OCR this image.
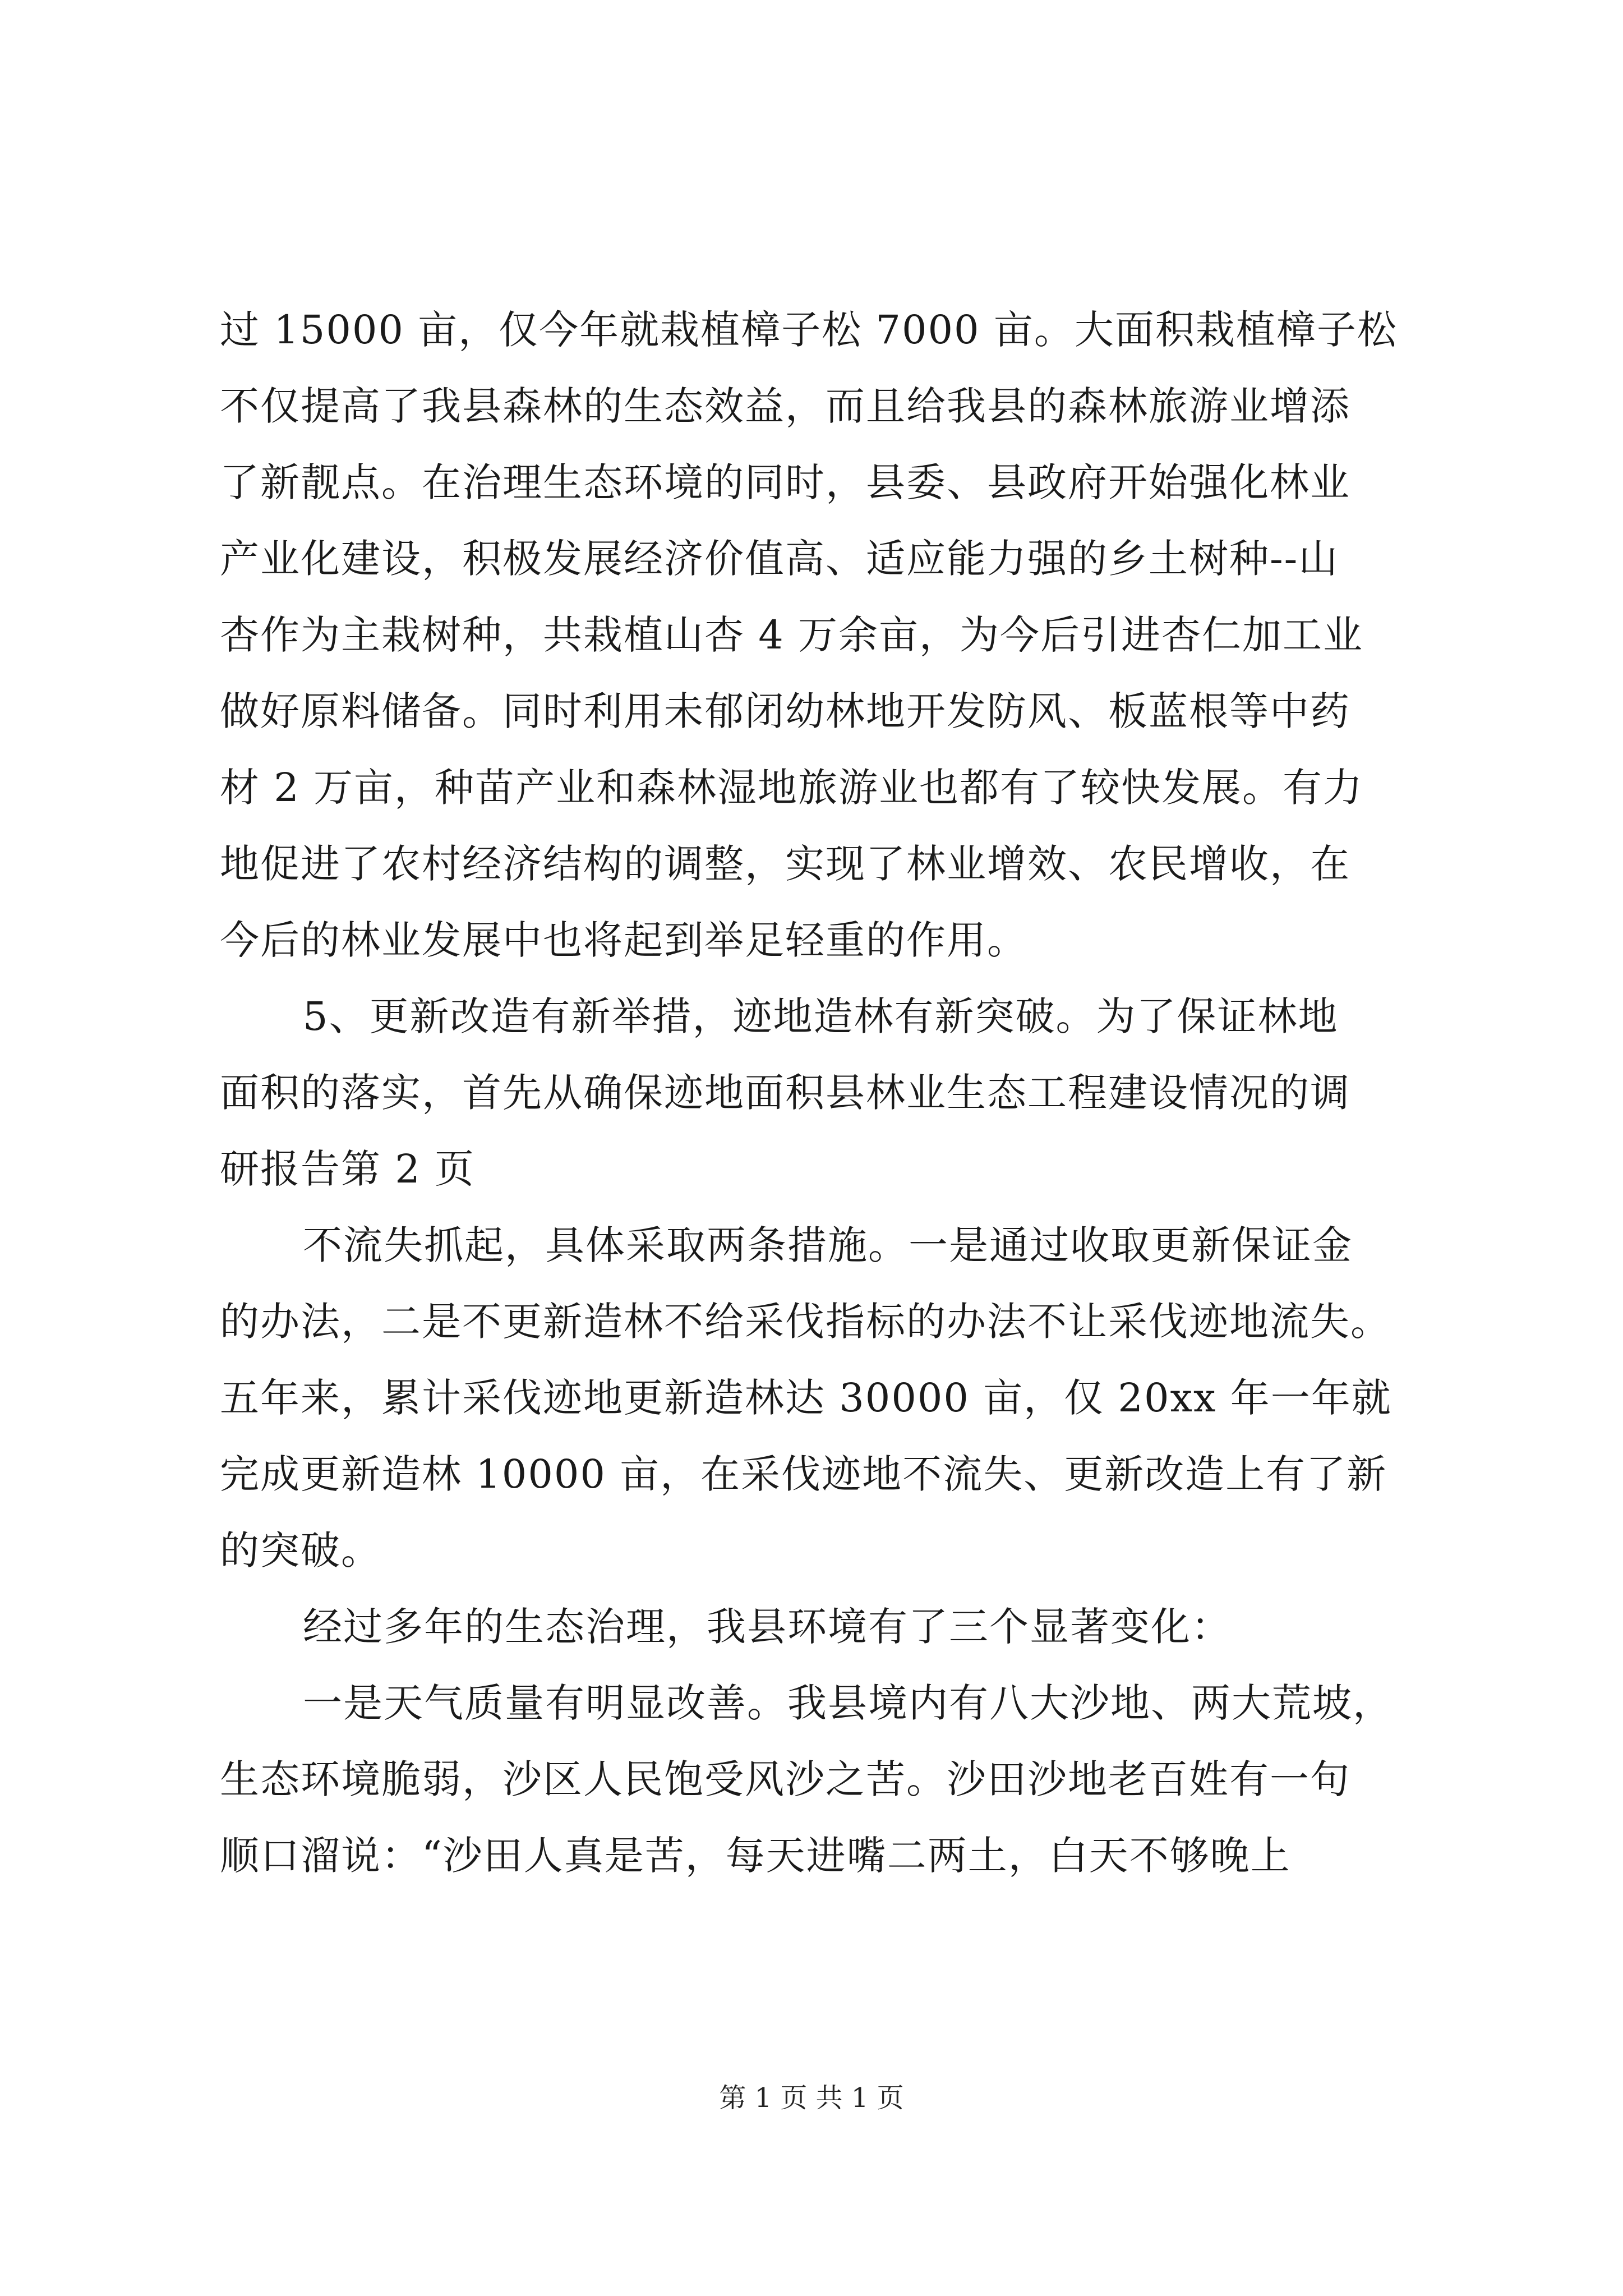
过 15000 亩，仅今年就栽植樟子松 7000 亩。大面积栽植樟子松
不仅提高了我县森林的生态效益，而且给我县的森林旅游业增添
了新靓点。在治理生态环境的同时，县委、县政府开始强化林业
产业化建设，积极发展经济价值高、适应能力强的乡土树种--山
杏作为主栽树种，共栽植山杏 4 万余亩，为今后引进杏仁加工业
做好原料储备。同时利用未郁闭幼林地开发防风、板蓝根等中药
材 2 万亩，种苗产业和森林湿地旅游业也都有了较快发展。有力
地促进了农村经济结构的调整，实现了林业增效、农民增收，在
今后的林业发展中也将起到举足轻重的作用。
5、更新改造有新举措，迹地造林有新突破。为了保证林地
面积的落实，首先从确保迹地面积县林业生态工程建设情况的调
研报告第 2 页
不流失抓起，具体采取两条措施。一是通过收取更新保证金
的办法，二是不更新造林不给采伐指标的办法不让采伐迹地流失。
五年来，累计采伐迹地更新造林达 30000 亩，仅 20xx 年一年就
完成更新造林 10000 亩，在采伐迹地不流失、更新改造上有了新
的突破。
经过多年的生态治理，我县环境有了三个显著变化：
一是天气质量有明显改善。我县境内有八大沙地、两大荒坡，
生态环境脆弱，沙区人民饱受风沙之苦。沙田沙地老百姓有一句
顺口溜说：“沙田人真是苦，每天进嘴二两土，白天不够晚上
第 1 页 共 1 页
